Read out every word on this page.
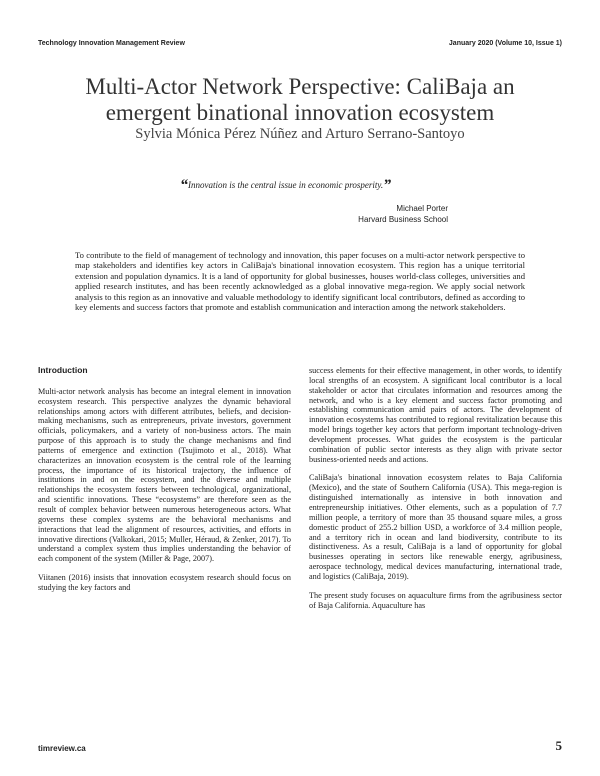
Technology Innovation Management Review	January 2020 (Volume 10, Issue 1)
Multi-Actor Network Perspective: CaliBaja an
emergent binational innovation ecosystem
Sylvia Mónica Pérez Núñez and Arturo Serrano-Santoyo
“Innovation is the central issue in economic prosperity.”
Michael Porter
Harvard Business School

To contribute to the field of management of technology and innovation, this paper focuses on a multi-actor network perspective to map stakeholders and identifies key actors in CaliBaja's binational innovation ecosystem. This region has a unique territorial extension and population dynamics. It is a land of opportunity for global businesses, houses world-class colleges, universities and applied research institutes, and has been recently acknowledged as a global innovative mega-region. We apply social network analysis to this region as an innovative and valuable methodology to identify significant local contributors, defined as according to key elements and success factors that promote and establish communication and interaction among the network stakeholders.

Introduction

Multi-actor network analysis has become an integral element in innovation ecosystem research. This perspective analyzes the dynamic behavioral relationships among actors with different attributes, beliefs, and decision-making mechanisms, such as entrepreneurs, private investors, government officials, policymakers, and a variety of non-business actors. The main purpose of this approach is to study the change mechanisms and find patterns of emergence and extinction (Tsujimoto et al., 2018). What characterizes an innovation ecosystem is the central role of the learning process, the importance of its historical trajectory, the influence of institutions in and on the ecosystem, and the diverse and multiple relationships the ecosystem fosters between technological, organizational, and scientific innovations. These “ecosystems” are therefore seen as the result of complex behavior between numerous heterogeneous actors. What governs these complex systems are the behavioral mechanisms and interactions that lead the alignment of resources, activities, and efforts in innovative directions (Valkokari, 2015; Muller, Héraud, & Zenker, 2017). To understand a complex system thus implies understanding the behavior of each component of the system (Miller & Page, 2007).

Viitanen (2016) insists that innovation ecosystem research should focus on studying the key factors and

success elements for their effective management, in other words, to identify local strengths of an ecosystem. A significant local contributor is a local stakeholder or actor that circulates information and resources among the network, and who is a key element and success factor promoting and establishing communication amid pairs of actors. The development of innovation ecosystems has contributed to regional revitalization because this model brings together key actors that perform important technology-driven development processes. What guides the ecosystem is the particular combination of public sector interests as they align with private sector business-oriented needs and actions.

CaliBaja's binational innovation ecosystem relates to Baja California (Mexico), and the state of Southern California (USA). This mega-region is distinguished internationally as intensive in both innovation and entrepreneurship initiatives. Other elements, such as a population of 7.7 million people, a territory of more than 35 thousand square miles, a gross domestic product of 255.2 billion USD, a workforce of 3.4 million people, and a territory rich in ocean and land biodiversity, contribute to its distinctiveness. As a result, CaliBaja is a land of opportunity for global businesses operating in sectors like renewable energy, agribusiness, aerospace technology, medical devices manufacturing, international trade, and logistics (CaliBaja, 2019).

The present study focuses on aquaculture firms from the agribusiness sector of Baja California. Aquaculture has

timreview.ca	5
